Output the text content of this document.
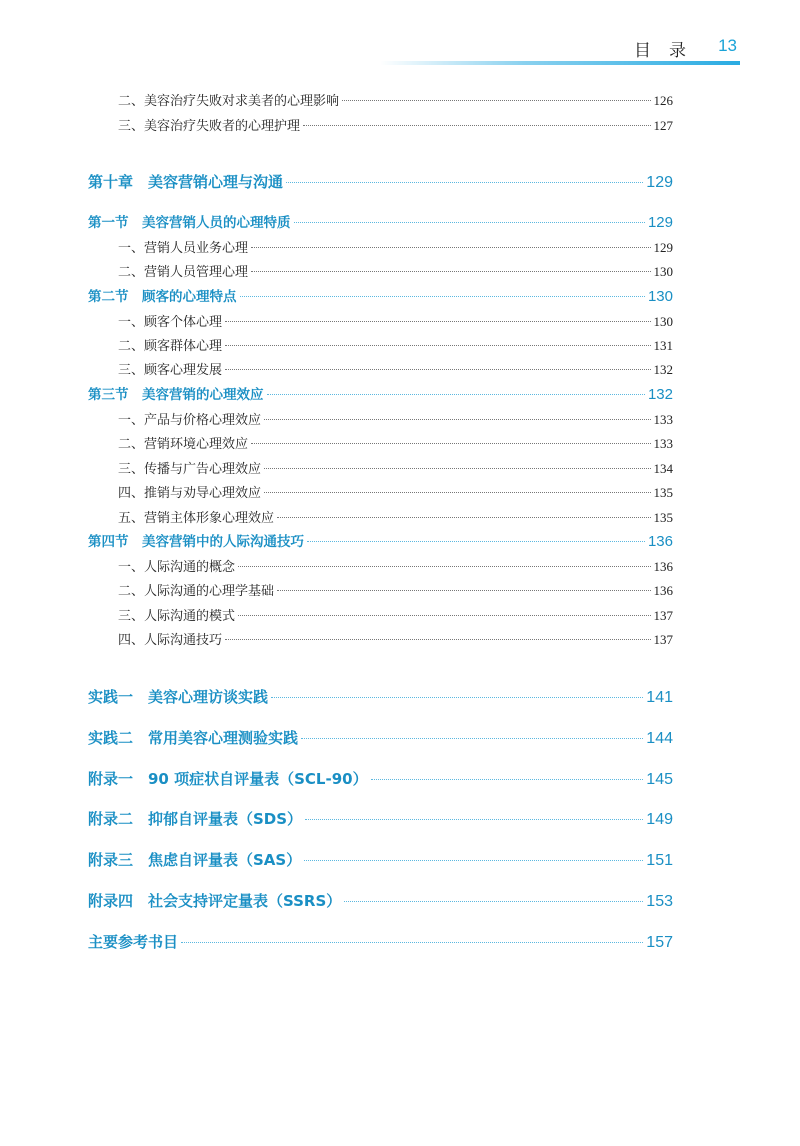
目录 13
二、美容治疗失败对求美者的心理影响	126
三、美容治疗失败者的心理护理	127
第十章　美容营销心理与沟通	129
第一节　美容营销人员的心理特质	129
一、营销人员业务心理	129
二、营销人员管理心理	130
第二节　顾客的心理特点	130
一、顾客个体心理	130
二、顾客群体心理	131
三、顾客心理发展	132
第三节　美容营销的心理效应	132
一、产品与价格心理效应	133
二、营销环境心理效应	133
三、传播与广告心理效应	134
四、推销与劝导心理效应	135
五、营销主体形象心理效应	135
第四节　美容营销中的人际沟通技巧	136
一、人际沟通的概念	136
二、人际沟通的心理学基础	136
三、人际沟通的模式	137
四、人际沟通技巧	137
实践一　美容心理访谈实践	141
实践二　常用美容心理测验实践	144
附录一　90 项症状自评量表（SCL-90）	145
附录二　抑郁自评量表（SDS）	149
附录三　焦虑自评量表（SAS）	151
附录四　社会支持评定量表（SSRS）	153
主要参考书目	157
